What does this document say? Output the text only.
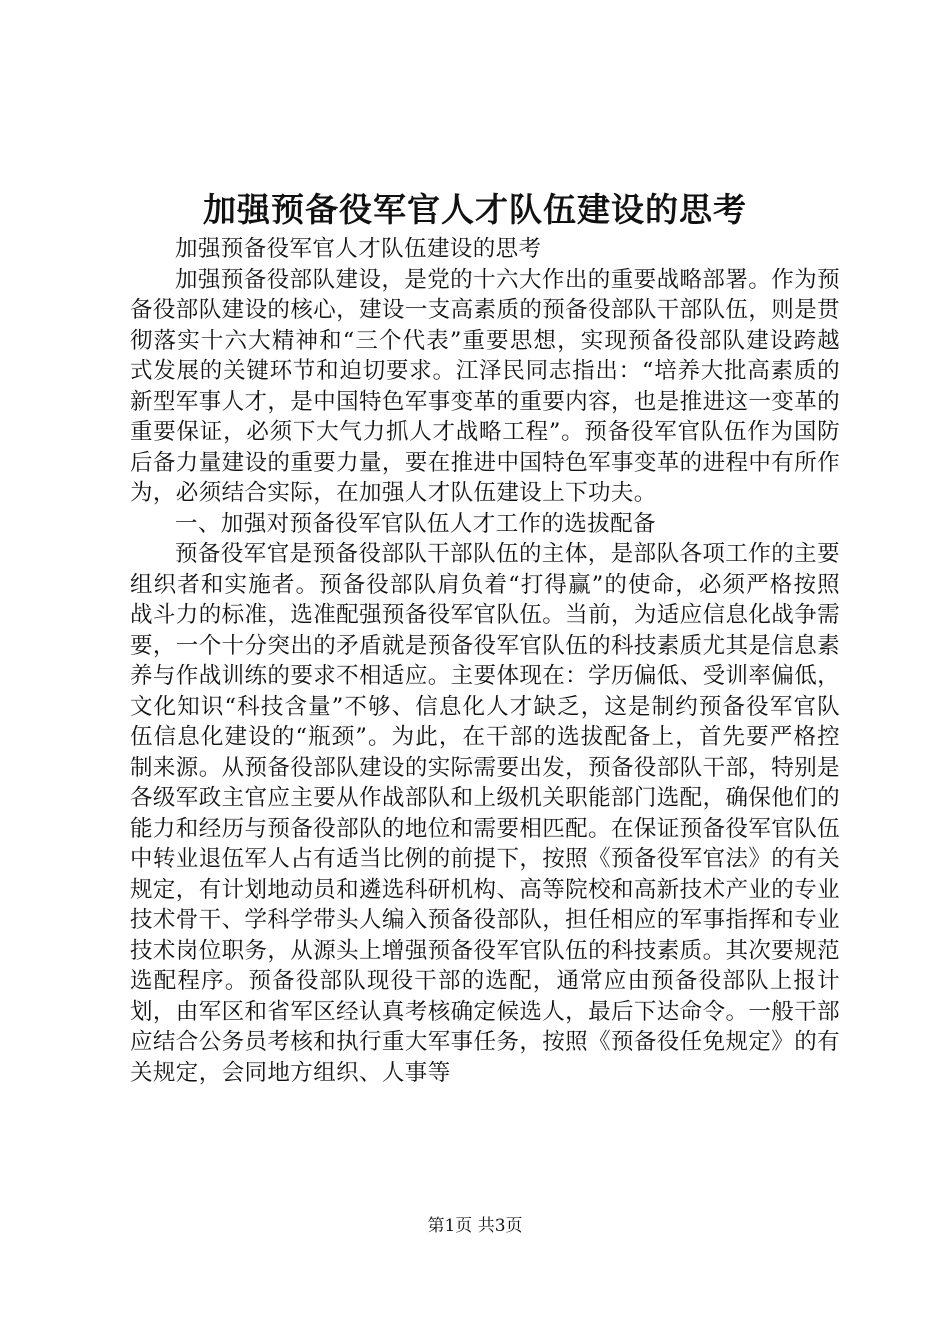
加强预备役军官人才队伍建设的思考

加强预备役军官人才队伍建设的思考

加强预备役部队建设，是党的十六大作出的重要战略部署。作为预备役部队建设的核心，建设一支高素质的预备役部队干部队伍，则是贯彻落实十六大精神和“三个代表”重要思想，实现预备役部队建设跨越式发展的关键环节和迫切要求。江泽民同志指出：“培养大批高素质的新型军事人才，是中国特色军事变革的重要内容，也是推进这一变革的重要保证，必须下大气力抓人才战略工程”。预备役军官队伍作为国防后备力量建设的重要力量，要在推进中国特色军事变革的进程中有所作为，必须结合实际，在加强人才队伍建设上下功夫。

一、加强对预备役军官队伍人才工作的选拔配备

预备役军官是预备役部队干部队伍的主体，是部队各项工作的主要组织者和实施者。预备役部队肩负着“打得赢”的使命，必须严格按照战斗力的标准，选准配强预备役军官队伍。当前，为适应信息化战争需要，一个十分突出的矛盾就是预备役军官队伍的科技素质尤其是信息素养与作战训练的要求不相适应。主要体现在：学历偏低、受训率偏低，文化知识“科技含量”不够、信息化人才缺乏，这是制约预备役军官队伍信息化建设的“瓶颈”。为此，在干部的选拔配备上，首先要严格控制来源。从预备役部队建设的实际需要出发，预备役部队干部，特别是各级军政主官应主要从作战部队和上级机关职能部门选配，确保他们的能力和经历与预备役部队的地位和需要相匹配。在保证预备役军官队伍中转业退伍军人占有适当比例的前提下，按照《预备役军官法》的有关规定，有计划地动员和遴选科研机构、高等院校和高新技术产业的专业技术骨干、学科学带头人编入预备役部队，担任相应的军事指挥和专业技术岗位职务，从源头上增强预备役军官队伍的科技素质。其次要规范选配程序。预备役部队现役干部的选配，通常应由预备役部队上报计划，由军区和省军区经认真考核确定候选人，最后下达命令。一般干部应结合公务员考核和执行重大军事任务，按照《预备役任免规定》的有关规定，会同地方组织、人事等

第1页 共3页
